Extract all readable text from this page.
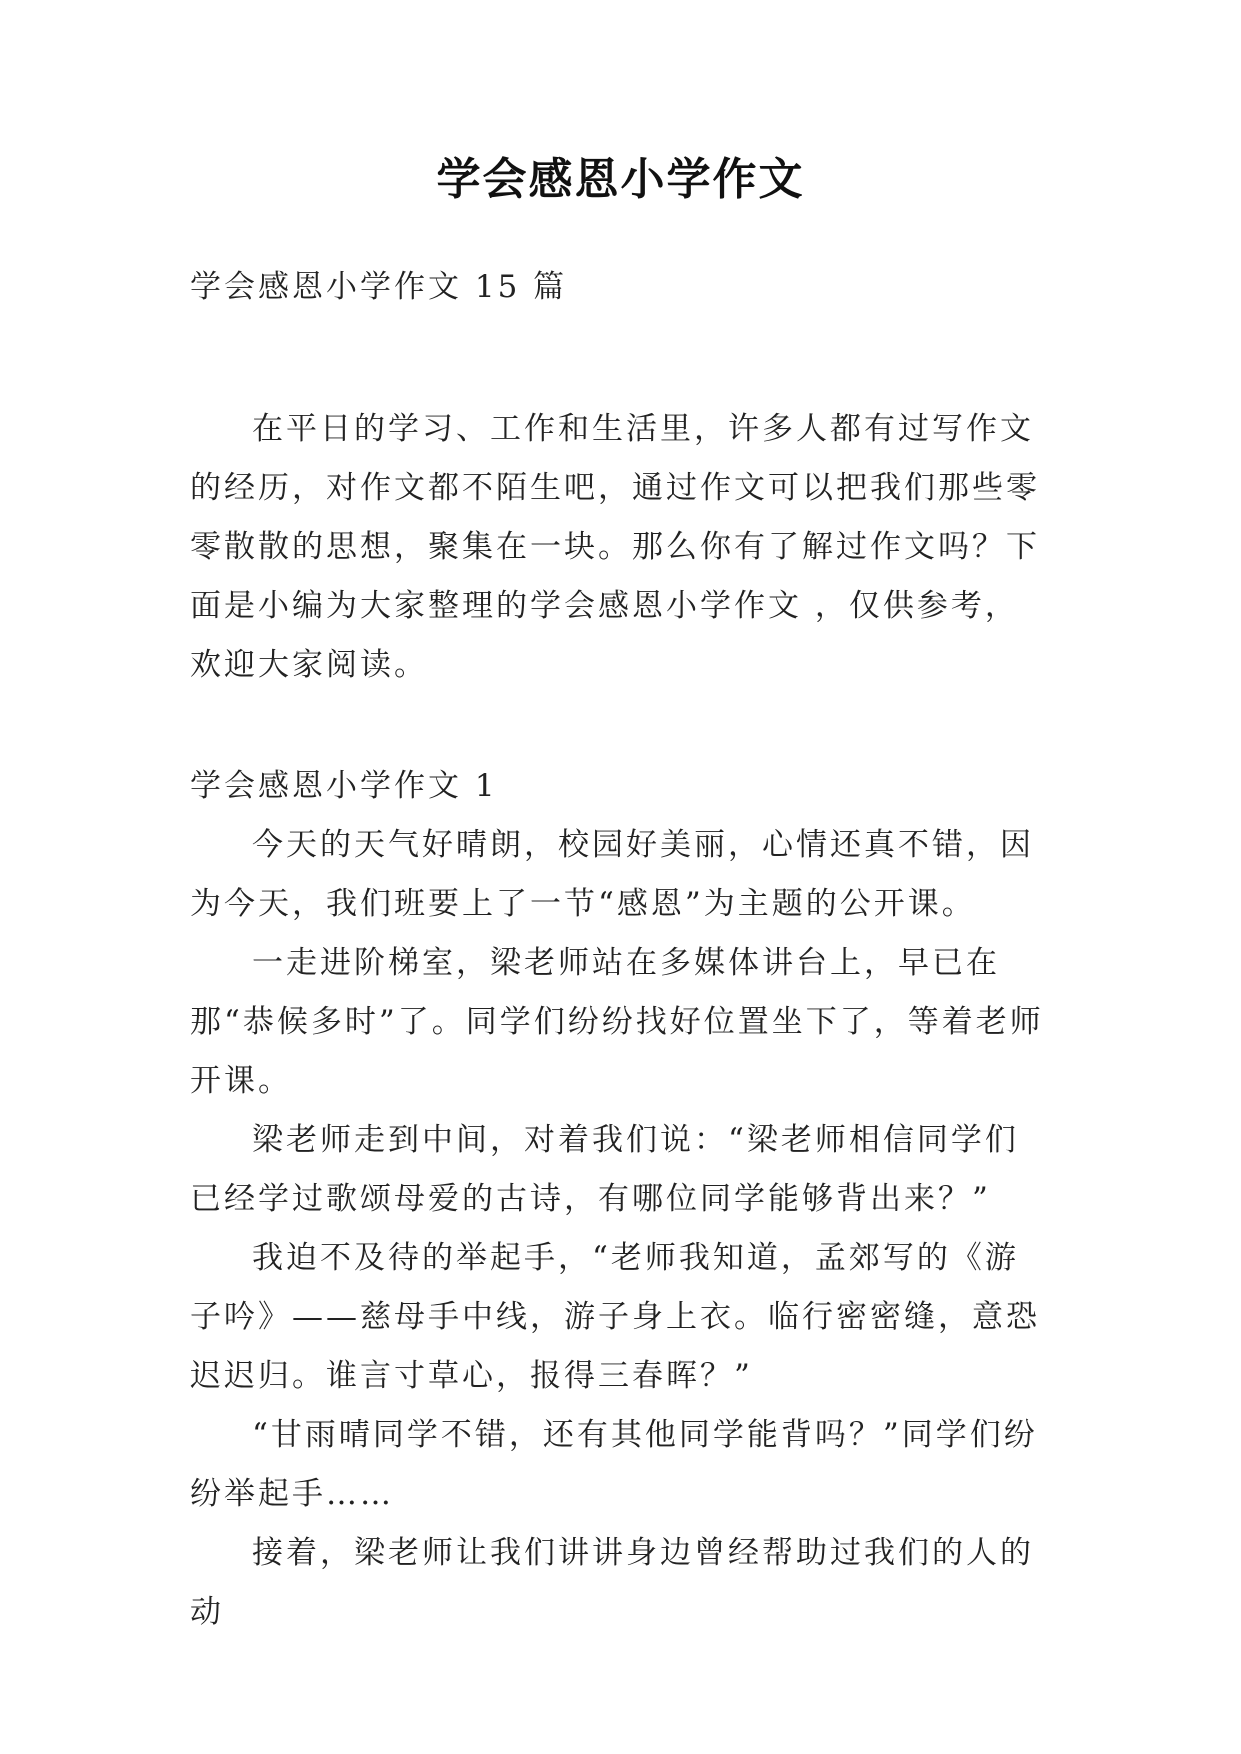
学会感恩小学作文

学会感恩小学作文 15 篇

在平日的学习、工作和生活里，许多人都有过写作文的经历，对作文都不陌生吧，通过作文可以把我们那些零零散散的思想，聚集在一块。那么你有了解过作文吗？下面是小编为大家整理的学会感恩小学作文 ，仅供参考，欢迎大家阅读。

学会感恩小学作文 1

今天的天气好晴朗，校园好美丽，心情还真不错，因为今天，我们班要上了一节“感恩”为主题的公开课。

一走进阶梯室，梁老师站在多媒体讲台上，早已在那“恭候多时”了。同学们纷纷找好位置坐下了，等着老师开课。

梁老师走到中间，对着我们说：“梁老师相信同学们已经学过歌颂母爱的古诗，有哪位同学能够背出来？”

我迫不及待的举起手，“老师我知道，孟郊写的《游子吟》——慈母手中线，游子身上衣。临行密密缝，意恐迟迟归。谁言寸草心，报得三春晖？”

“甘雨晴同学不错，还有其他同学能背吗？”同学们纷纷举起手……

接着，梁老师让我们讲讲身边曾经帮助过我们的人的动
